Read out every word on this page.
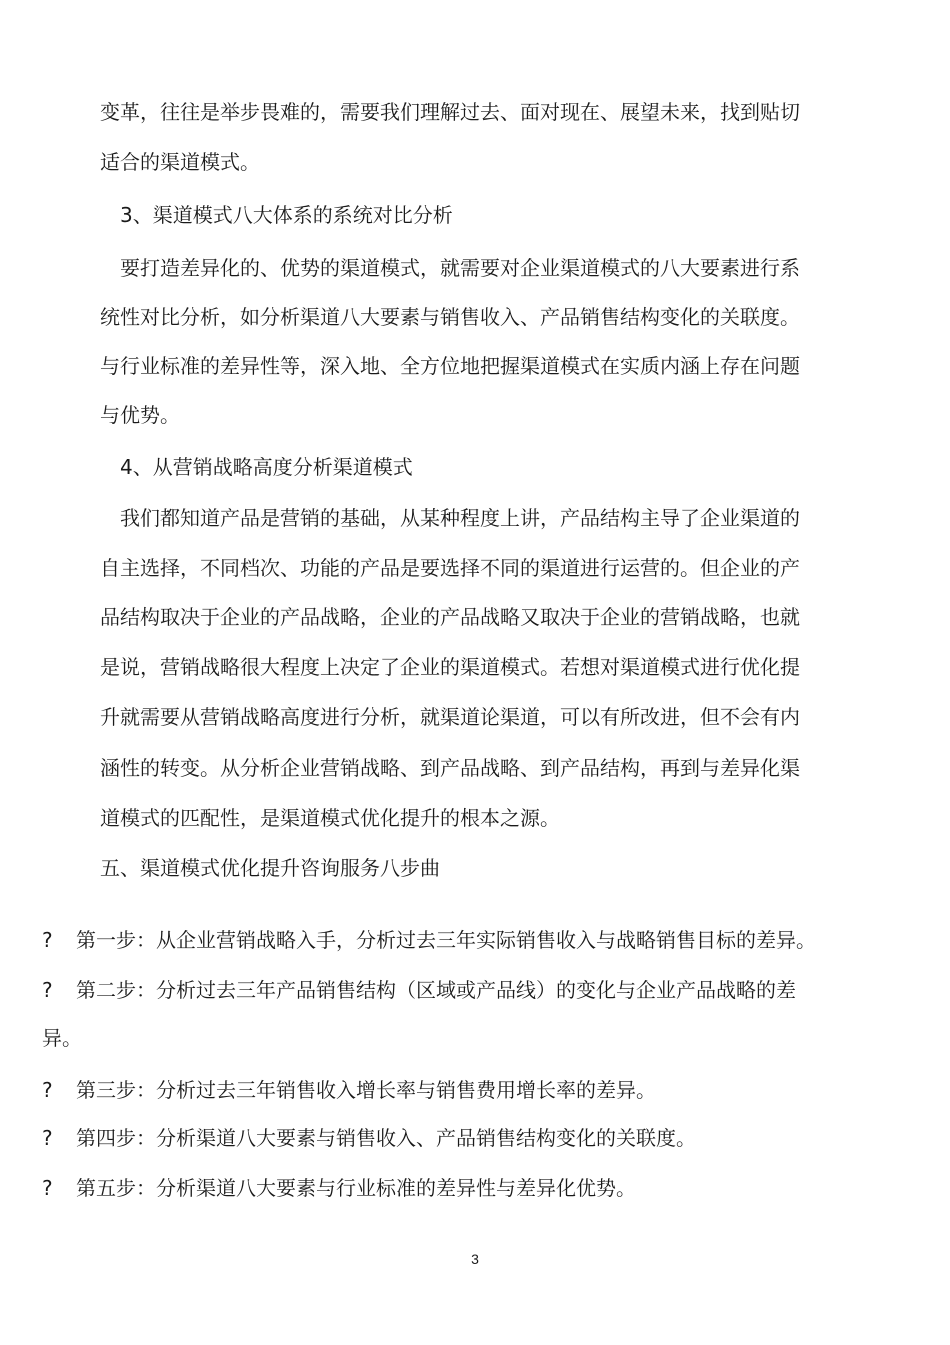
变革，往往是举步畏难的，需要我们理解过去、面对现在、展望未来，找到贴切
适合的渠道模式。
3、渠道模式八大体系的系统对比分析
要打造差异化的、优势的渠道模式，就需要对企业渠道模式的八大要素进行系
统性对比分析，如分析渠道八大要素与销售收入、产品销售结构变化的关联度。
与行业标准的差异性等，深入地、全方位地把握渠道模式在实质内涵上存在问题
与优势。
4、从营销战略高度分析渠道模式
我们都知道产品是营销的基础，从某种程度上讲，产品结构主导了企业渠道的
自主选择，不同档次、功能的产品是要选择不同的渠道进行运营的。但企业的产
品结构取决于企业的产品战略，企业的产品战略又取决于企业的营销战略，也就
是说，营销战略很大程度上决定了企业的渠道模式。若想对渠道模式进行优化提
升就需要从营销战略高度进行分析，就渠道论渠道，可以有所改进，但不会有内
涵性的转变。从分析企业营销战略、到产品战略、到产品结构，再到与差异化渠
道模式的匹配性，是渠道模式优化提升的根本之源。
五、渠道模式优化提升咨询服务八步曲
? 第一步：从企业营销战略入手，分析过去三年实际销售收入与战略销售目标的差异。
? 第二步：分析过去三年产品销售结构（区域或产品线）的变化与企业产品战略的差
异。
? 第三步：分析过去三年销售收入增长率与销售费用增长率的差异。
? 第四步：分析渠道八大要素与销售收入、产品销售结构变化的关联度。
? 第五步：分析渠道八大要素与行业标准的差异性与差异化优势。
3
